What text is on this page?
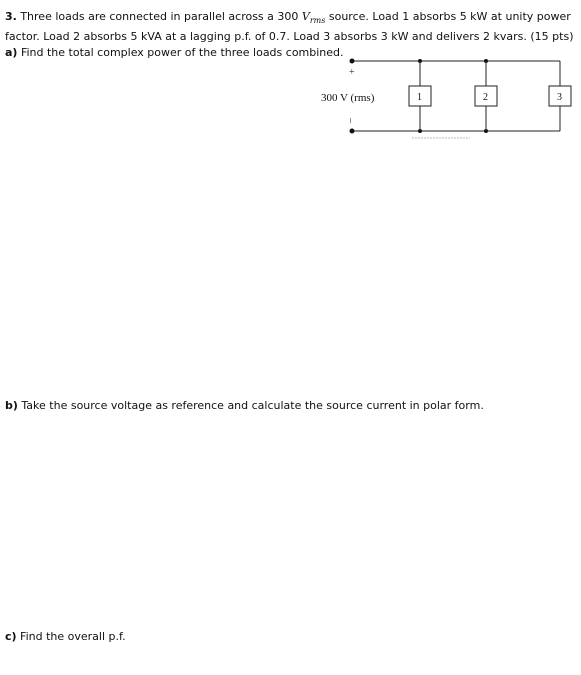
3. Three loads are connected in parallel across a 300 $V_{rms}$ source. Load 1 absorbs 5 kW at unity power factor. Load 2 absorbs 5 kVA at a lagging p.f. of 0.7. Load 3 absorbs 3 kW and delivers 2 kvars. (15 pts)
a) Find the total complex power of the three loads combined.
+
–
300 V (rms)	1	2	3
b) Take the source voltage as reference and calculate the source current in polar form.
c) Find the overall p.f.
